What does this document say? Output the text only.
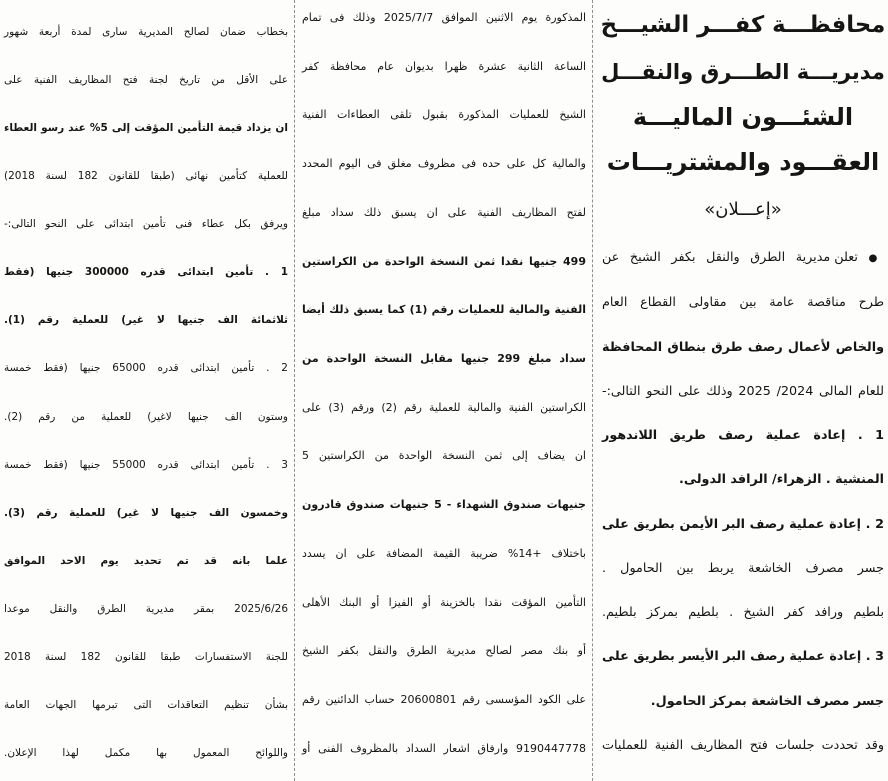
محافظـــة كفـــر الشيـــخ
مديريـــة الطـــرق والنقـــل
الشئـــون الماليـــة
العقـــود والمشتريـــات
«إعـــلان»
● تعلن مديرية الطرق والنقل بكفر الشيخ عن
طرح مناقصة عامة بين مقاولى القطاع العام
والخاص لأعمال رصف طرق بنطاق المحافظة
للعام المالى 2024/ 2025 وذلك على النحو التالى:-
1 . إعادة عملية رصف طريق اللاندهور
المنشية . الزهراء/ الرافد الدولى.
2 . إعادة عملية رصف البر الأيمن بطريق على
جسر مصرف الخاشعة يربط بين الحامول .
بلطيم ورافد كفر الشيخ . بلطيم بمركز بلطيم.
3 . إعادة عملية رصف البر الأيسر بطريق على
جسر مصرف الخاشعة بمركز الحامول.
وقد تحددت جلسات فتح المظاريف الفنية للعمليات
المذكورة يوم الاثنين الموافق 2025/7/7 وذلك فى تمام
الساعة الثانية عشرة ظهرا بديوان عام محافظة كفر
الشيخ للعمليات المذكورة بقبول تلقى العطاءات الفنية
والمالية كل على حده فى مظروف مغلق فى اليوم المحدد
لفتح المظاريف الفنية على ان يسبق ذلك سداد مبلغ
499 جنيها نقدا ثمن النسخة الواحدة من الكراستين
الفنية والمالية للعمليات رقم (1) كما يسبق ذلك أيضا
سداد مبلغ 299 جنيها مقابل النسخة الواحدة من
الكراستين الفنية والمالية للعملية رقم (2) ورقم (3) على
ان يضاف إلى ثمن النسخة الواحدة من الكراستين 5
جنيهات صندوق الشهداء - 5 جنيهات صندوق قادرون
باختلاف +14% ضريبة القيمة المضافة على ان يسدد
التأمين المؤقت نقدا بالخزينة أو الفيزا أو البنك الأهلى
أو بنك مصر لصالح مديرية الطرق والنقل بكفر الشيخ
على الكود المؤسسى رقم 20600801 حساب الدائنين رقم
9190447778 وارفاق اشعار السداد بالمظروف الفنى أو
بخطاب ضمان لصالح المديرية سارى لمدة أربعة شهور
على الأقل من تاريخ لجنة فتح المظاريف الفنية على
ان يزداد قيمة التأمين المؤقت إلى 5% عند رسو العطاء
للعملية كتأمين نهائى (طبقا للقانون 182 لسنة 2018)
ويرفق بكل عطاء فنى تأمين ابتدائى على النحو التالى:-
1 . تأمين ابتدائى قدره 300000 جنيها (فقط
ثلاثمائة الف جنيها لا غير) للعملية رقم (1).
2 . تأمين ابتدائى قدره 65000 جنيها (فقط خمسة
وستون الف جنيها لاغير) للعملية من رقم (2).
3 . تأمين ابتدائى قدره 55000 جنيها (فقط خمسة
وخمسون الف جنيها لا غير) للعملية رقم (3).
علما بانه قد تم تحديد يوم الاحد الموافق
2025/6/26 بمقر مديرية الطرق والنقل موعدا
للجنة الاستفسارات طبقا للقانون 182 لسنة 2018
بشأن تنظيم التعاقدات التى تبرمها الجهات العامة
واللوائح المعمول بها مكمل لهذا الإعلان.
